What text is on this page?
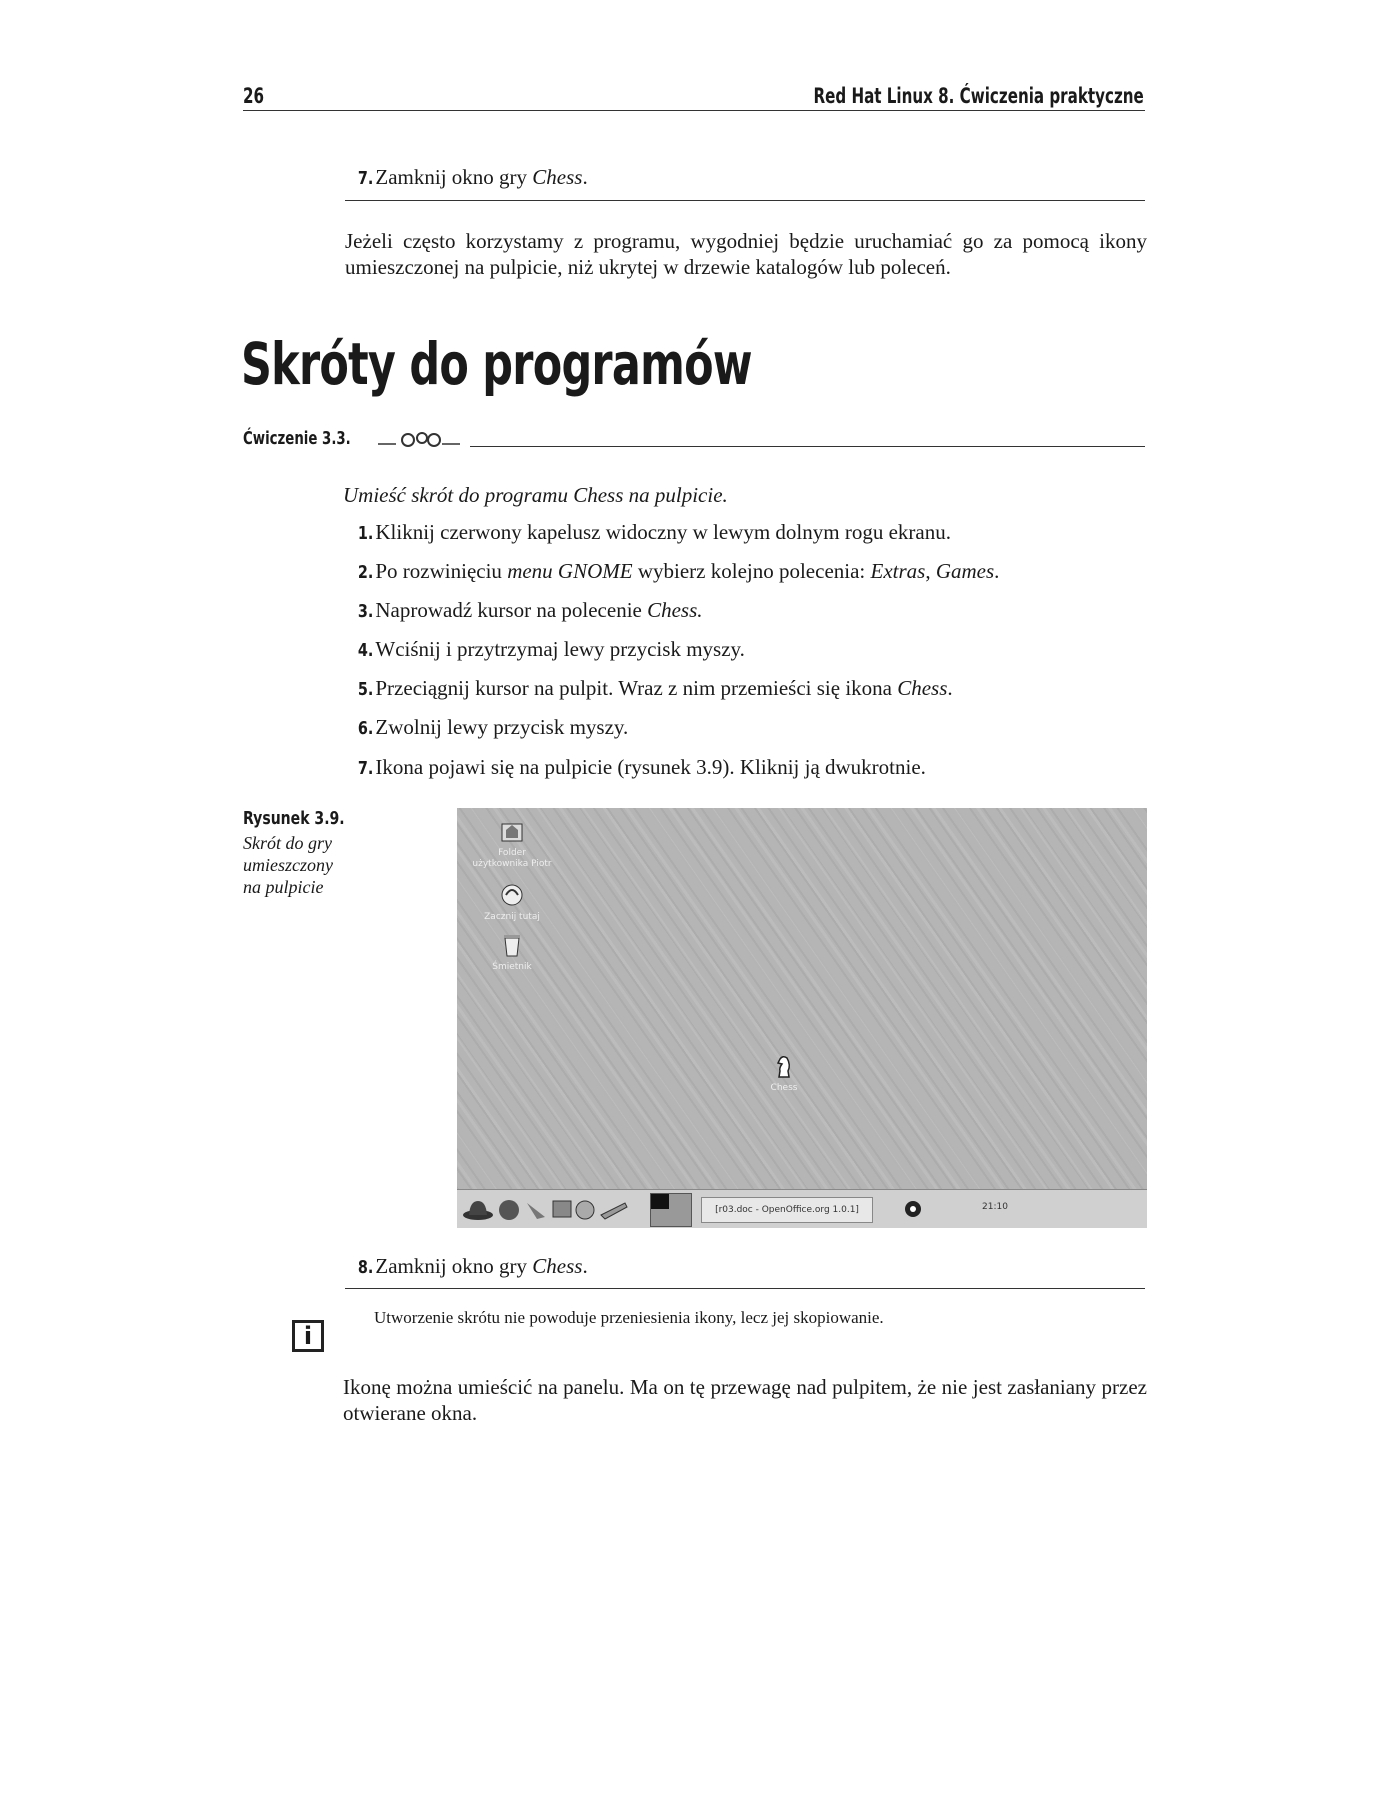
26	Red Hat Linux 8. Ćwiczenia praktyczne
7.Zamknij okno gry Chess.
Jeżeli często korzystamy z programu, wygodniej będzie uruchamiać go za pomocą ikony umieszczonej na pulpicie, niż ukrytej w drzewie katalogów lub poleceń.
Skróty do programów
Ćwiczenie 3.3.
Umieść skrót do programu Chess na pulpicie.
1.Kliknij czerwony kapelusz widoczny w lewym dolnym rogu ekranu.
2.Po rozwinięciu menu GNOME wybierz kolejno polecenia: Extras, Games.
3.Naprowadź kursor na polecenie Chess.
4.Wciśnij i przytrzymaj lewy przycisk myszy.
5.Przeciągnij kursor na pulpit. Wraz z nim przemieści się ikona Chess.
6.Zwolnij lewy przycisk myszy.
7.Ikona pojawi się na pulpicie (rysunek 3.9). Kliknij ją dwukrotnie.
Rysunek 3.9.
Skrót do gry
umieszczony
na pulpicie
Folder
użytkownika Piotr
Zacznij tutaj
Śmietnik
Chess
[r03.doc - OpenOffice.org 1.0.1]	21:10
8.Zamknij okno gry Chess.
i
Utworzenie skrótu nie powoduje przeniesienia ikony, lecz jej skopiowanie.
Ikonę można umieścić na panelu. Ma on tę przewagę nad pulpitem, że nie jest zasłaniany przez otwierane okna.
